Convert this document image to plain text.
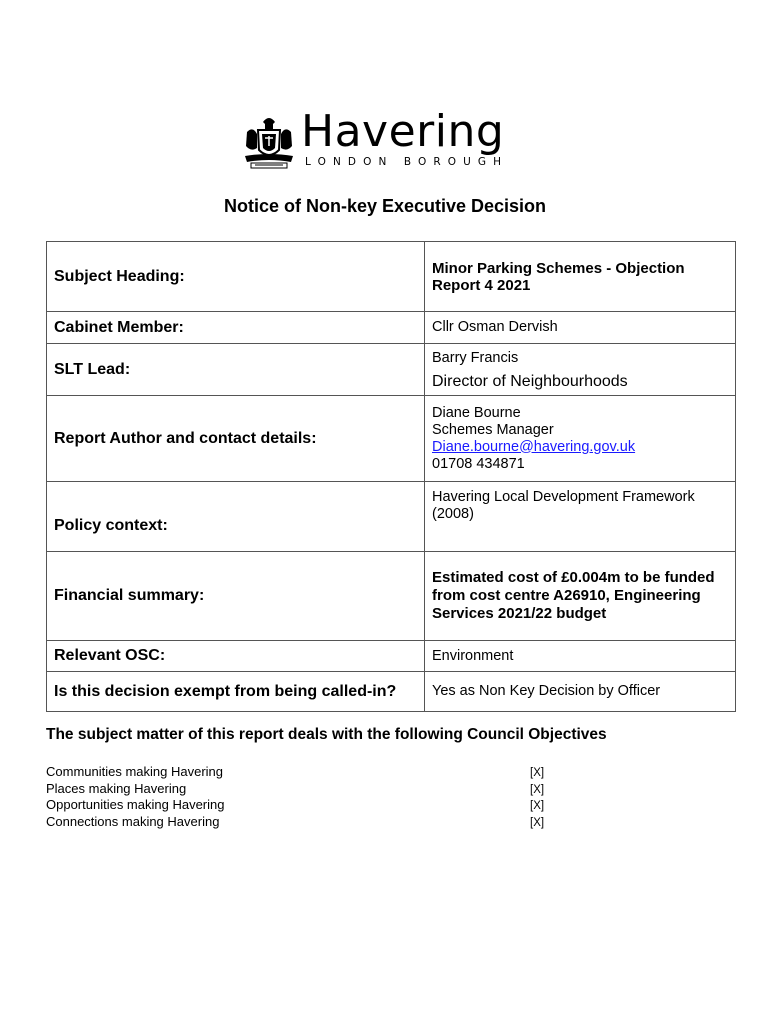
Havering
LONDON BOROUGH
Notice of Non-key Executive Decision
Subject Heading:	Minor Parking Schemes - Objection Report 4 2021
Cabinet Member:	Cllr Osman Dervish
SLT Lead:	Barry Francis
Director of Neighbourhoods

Report Author and contact details:	Diane Bourne
Schemes Manager
Diane.bourne@havering.gov.uk
01708 434871

Policy context:	Havering Local Development Framework (2008)
Financial summary:	Estimated cost of £0.004m to be funded from cost centre A26910, Engineering Services 2021/22 budget
Relevant OSC:	Environment
Is this decision exempt from being called-in?	Yes as Non Key Decision by Officer
The subject matter of this report deals with the following Council Objectives
Communities making Havering	[X]
Places making Havering	[X]
Opportunities making Havering	[X]
Connections making Havering	[X]
